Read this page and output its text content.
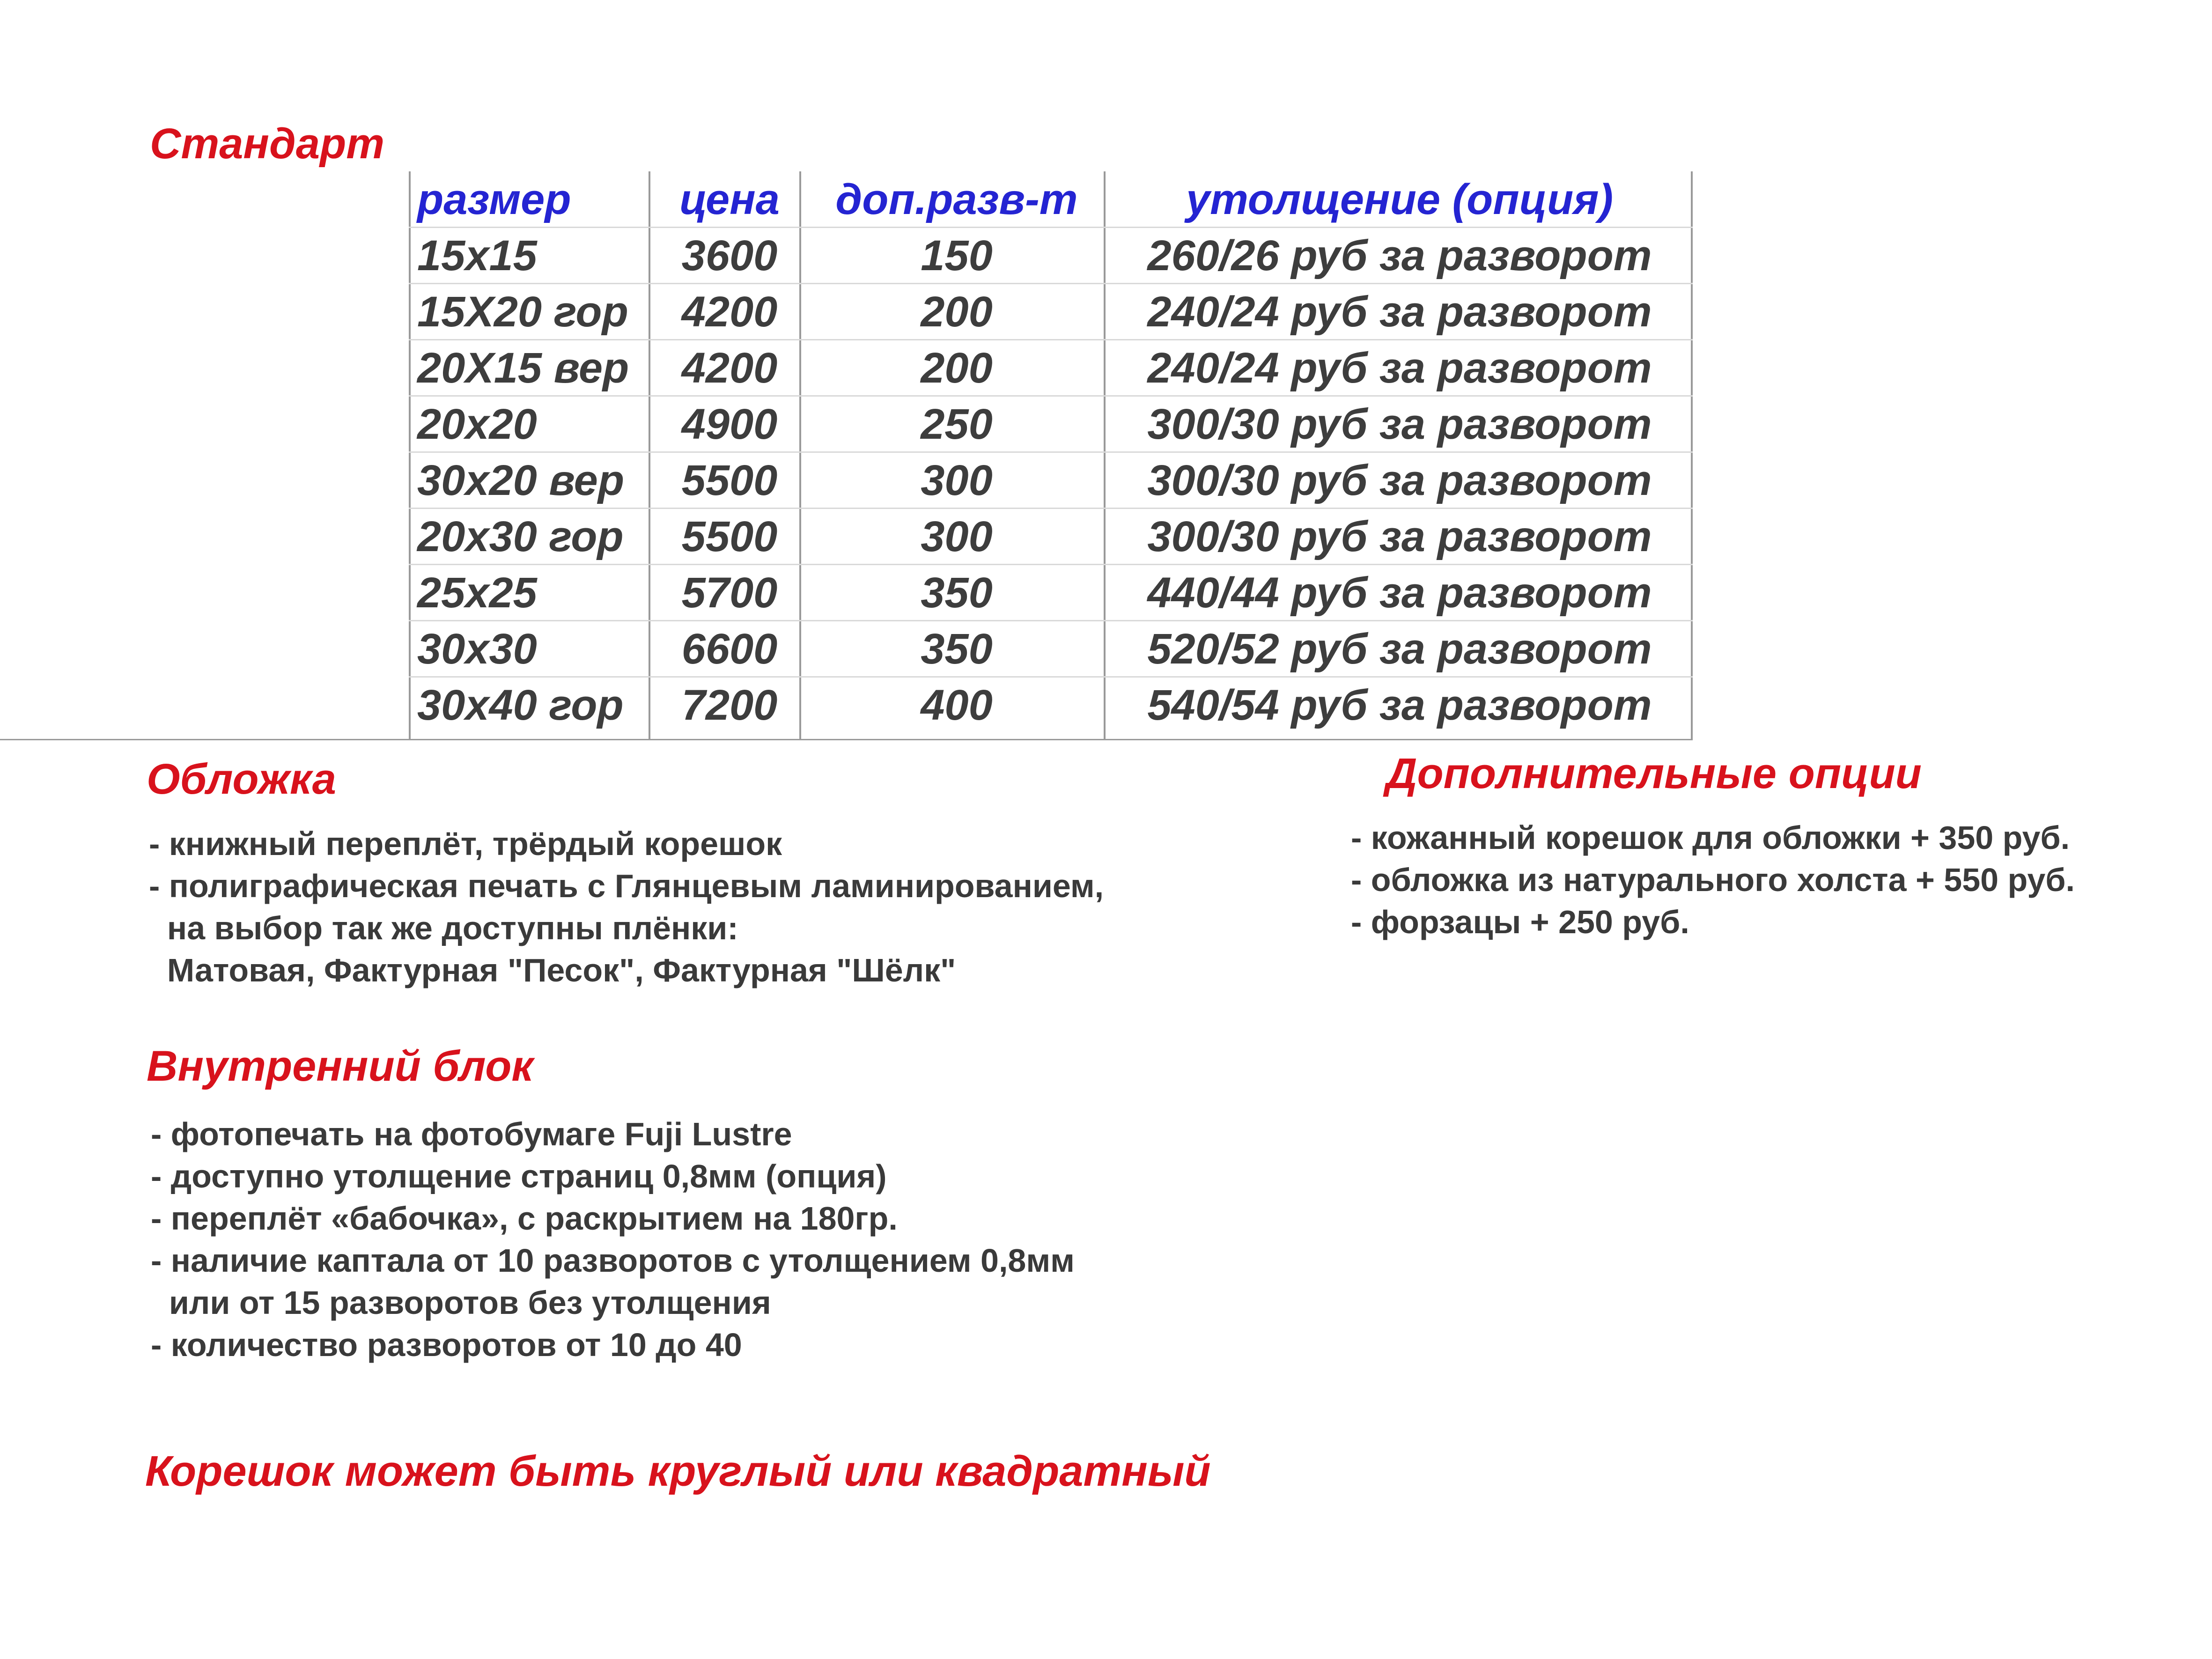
Стандарт
размер	цена	доп.разв-т	утолщение (опция)
15х15	3600	150	260/26 руб за разворот
15Х20 гор	4200	200	240/24 руб за разворот
20Х15 вер	4200	200	240/24 руб за разворот
20х20	4900	250	300/30 руб за разворот
30х20 вер	5500	300	300/30 руб за разворот
20х30 гор	5500	300	300/30 руб за разворот
25х25	5700	350	440/44 руб за разворот
30х30	6600	350	520/52 руб за разворот
30х40 гор	7200	400	540/54 руб за разворот
Обложка
- книжный переплёт, трёрдый корешок
- полиграфическая печать с Глянцевым ламинированием,
на выбор так же доступны плёнки:
Матовая, Фактурная "Песок", Фактурная "Шёлк"
Дополнительные опции
- кожанный корешок для обложки + 350 руб.
- обложка из натурального холста + 550 руб.
- форзацы + 250 руб.
Внутренний блок
- фотопечать на фотобумаге Fuji Lustre
- доступно утолщение страниц 0,8мм (опция)
- переплёт «бабочка», с раскрытием на 180гр.
- наличие каптала от 10 разворотов с утолщением 0,8мм
или от 15 разворотов без утолщения
- количество разворотов от 10 до 40
Корешок может быть круглый или квадратный
